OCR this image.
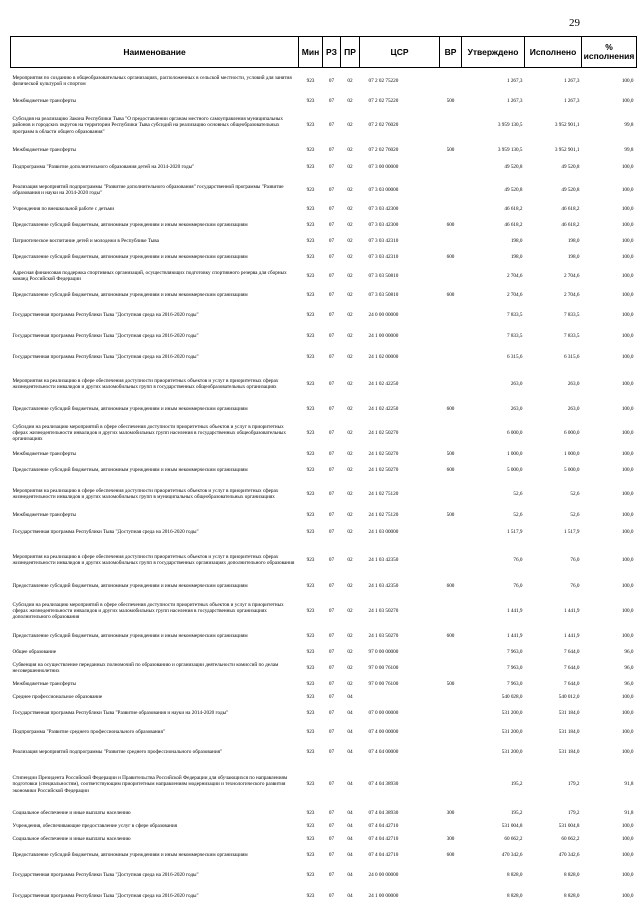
29
Наименование	Мин	РЗ	ПР	ЦСР	ВР	Утверждено	Исполнено	% исполнения
Мероприятия по созданию в общеобразовательных организациях, расположенных в сельской местности, условий для занятия физической культурой и спортом	923	07	02	07 2 02 75220		1 267,3	1 267,3	100,0
Межбюджетные трансферты	923	07	02	07 2 02 75220	500	1 267,3	1 267,3	100,0
Субсидия на реализацию Закона Республики Тыва "О предоставлении органам местного самоуправления муниципальных районов и городских округов на территории Республики Тыва субсидий на реализацию основных общеобразовательных программ в области общего образования"	923	07	02	07 2 02 76020		3 959 130,5	3 952 901,1	99,8
Межбюджетные трансферты	923	07	02	07 2 02 76020	500	3 959 130,5	3 952 901,1	99,8
Подпрограмма "Развитие дополнительного образования детей на 2014-2020 годы"	923	07	02	07 3 00 00000		49 520,8	49 520,8	100,0
Реализация мероприятий подпрограммы "Развитие дополнительного образования" государственной программы "Развитие образования и науки на 2014-2020 годы"	923	07	02	07 3 03 00000		49 520,8	49 520,8	100,0
Учреждения по внешкольной работе с детьми	923	07	02	07 3 03 42300		46 618,2	46 618,2	100,0
Предоставление субсидий бюджетным, автономным учреждениям и иным некоммерческим организациям	923	07	02	07 3 03 42300	600	46 618,2	46 618,2	100,0
Патриотическое воспитание детей и молодежи в Республике Тыва	923	07	02	07 3 03 42310		198,0	198,0	100,0
Предоставление субсидий бюджетным, автономным учреждениям и иным некоммерческим организациям	923	07	02	07 3 03 42310	600	198,0	198,0	100,0
Адресная финансовая поддержка спортивных организаций, осуществляющих подготовку спортивного резерва для сборных команд Российской Федерации	923	07	02	07 3 03 50810		2 704,6	2 704,6	100,0
Предоставление субсидий бюджетным, автономным учреждениям и иным некоммерческим организациям	923	07	02	07 3 03 50810	600	2 704,6	2 704,6	100,0
Государственная программа Республики Тыва "Доступная среда на 2016-2020 годы"	923	07	02	24 0 00 00000		7 833,5	7 833,5	100,0
Государственная программа Республики Тыва "Доступная среда на 2016-2020 годы"	923	07	02	24 1 00 00000		7 833,5	7 833,5	100,0
Государственная программа Республики Тыва "Доступная среда на 2016-2020 годы"	923	07	02	24 1 02 00000		6 315,6	6 315,6	100,0
Мероприятия на реализацию в сфере обеспечения доступности приоритетных объектов и услуг в приоритетных сферах жизнедеятельности инвалидов и других маломобильных групп в государственных общеобразовательных организациях	923	07	02	24 1 02 42250		263,0	263,0	100,0
Предоставление субсидий бюджетным, автономным учреждениям и иным некоммерческим организациям	923	07	02	24 1 02 42250	600	263,0	263,0	100,0
Субсидии на реализацию мероприятий в сфере обеспечения доступности приоритетных объектов и услуг в приоритетных сферах жизнедеятельности инвалидов и других маломобильных групп населения в государственных общеобразовательных организациях	923	07	02	24 1 02 50270		6 000,0	6 000,0	100,0
Межбюджетные трансферты	923	07	02	24 1 02 50270	500	1 000,0	1 000,0	100,0
Предоставление субсидий бюджетным, автономным учреждениям и иным некоммерческим организациям	923	07	02	24 1 02 50270	600	5 000,0	5 000,0	100,0
Мероприятия на реализацию в сфере обеспечения доступности приоритетных объектов и услуг в приоритетных сферах жизнедеятельности инвалидов и других маломобильных групп в муниципальных общеобразовательных организациях	923	07	02	24 1 02 75120		52,6	52,6	100,0
Межбюджетные трансферты	923	07	02	24 1 02 75120	500	52,6	52,6	100,0
Государственная программа Республики Тыва "Доступная среда на 2016-2020 годы"	923	07	02	24 1 03 00000		1 517,9	1 517,9	100,0
Мероприятия на реализацию в сфере обеспечения доступности приоритетных объектов и услуг в приоритетных сферах жизнедеятельности инвалидов и других маломобильных групп в государственных организациях дополнительного образования	923	07	02	24 1 03 42350		76,0	76,0	100,0
Предоставление субсидий бюджетным, автономным учреждениям и иным некоммерческим организациям	923	07	02	24 1 03 42350	600	76,0	76,0	100,0
Субсидии на реализацию мероприятий в сфере обеспечения доступности приоритетных объектов и услуг в приоритетных сферах жизнедеятельности инвалидов и других маломобильных групп населения в государственных организациях дополнительного образования	923	07	02	24 1 03 50270		1 441,9	1 441,9	100,0
Предоставление субсидий бюджетным, автономным учреждениям и иным некоммерческим организациям	923	07	02	24 1 03 50270	600	1 441,9	1 441,9	100,0
Общее образование	923	07	02	97 0 00 00000		7 963,0	7 644,0	96,0
Субвенция на осуществление переданных полномочий по образованию и организации деятельности комиссий по делам несовершеннолетних	923	07	02	97 0 00 76100		7 963,0	7 644,0	96,0
Межбюджетные трансферты	923	07	02	97 0 00 76100	500	7 963,0	7 644,0	96,0
Среднее профессиональное образование	923	07	04			540 028,0	540 012,0	100,0
Государственная программа Республики Тыва "Развитие образования и науки на 2014-2020 годы"	923	07	04	07 0 00 00000		531 200,0	531 184,0	100,0
Подпрограмма "Развитие среднего профессионального образования"	923	07	04	07 4 00 00000		531 200,0	531 184,0	100,0
Реализация мероприятий подпрограммы "Развитие среднего профессионального образования"	923	07	04	07 4 04 00000		531 200,0	531 184,0	100,0
Стипендии Президента Российской Федерации и Правительства Российской Федерации для обучающихся по направлениям подготовки (специальностям), соответствующим приоритетным направлениям модернизации и технологического развития экономики Российской Федерации	923	07	04	07 4 04 38930		195,2	179,2	91,8
Социальное обеспечение и иные выплаты населению	923	07	04	07 4 04 38930	300	195,2	179,2	91,8
Учреждения, обеспечивающие предоставление услуг в сфере образования	923	07	04	07 4 04 42710		531 004,8	531 004,8	100,0
Социальное обеспечение и иные выплаты населению	923	07	04	07 4 04 42710	300	60 662,2	60 662,2	100,0
Предоставление субсидий бюджетным, автономным учреждениям и иным некоммерческим организациям	923	07	04	07 4 04 42710	600	470 342,6	470 342,6	100,0
Государственная программа Республики Тыва "Доступная среда на 2016-2020 годы"	923	07	04	24 0 00 00000		8 828,0	8 828,0	100,0
Государственная программа Республики Тыва "Доступная среда на 2016-2020 годы"	923	07	04	24 1 00 00000		8 828,0	8 828,0	100,0
